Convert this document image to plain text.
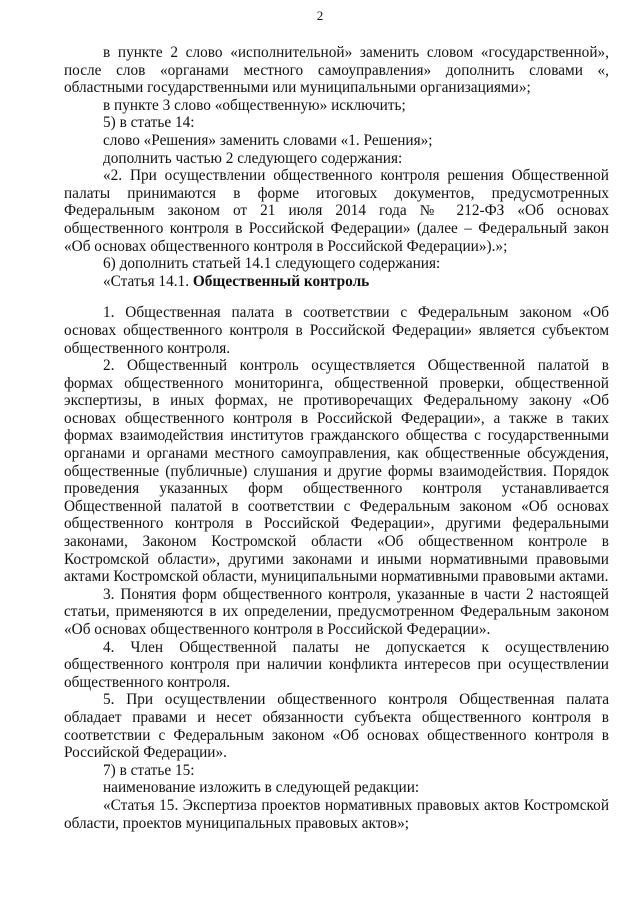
2

в пункте 2 слово «исполнительной» заменить словом «государственной», после слов «органами местного самоуправления» дополнить словами «, областными государственными или муниципальными организациями»;

в пункте 3 слово «общественную» исключить;

5) в статье 14:

слово «Решения» заменить словами «1. Решения»;

дополнить частью 2 следующего содержания:

«2. При осуществлении общественного контроля решения Общественной палаты принимаются в форме итоговых документов, предусмотренных Федеральным законом от 21 июля 2014 года № 212-ФЗ «Об основах общественного контроля в Российской Федерации» (далее – Федеральный закон «Об основах общественного контроля в Российской Федерации»).»;

6) дополнить статьей 14.1 следующего содержания:

«Статья 14.1. Общественный контроль

1. Общественная палата в соответствии с Федеральным законом «Об основах общественного контроля в Российской Федерации» является субъектом общественного контроля.

2. Общественный контроль осуществляется Общественной палатой в формах общественного мониторинга, общественной проверки, общественной экспертизы, в иных формах, не противоречащих Федеральному закону «Об основах общественного контроля в Российской Федерации», а также в таких формах взаимодействия институтов гражданского общества с государственными органами и органами местного самоуправления, как общественные обсуждения, общественные (публичные) слушания и другие формы взаимодействия. Порядок проведения указанных форм общественного контроля устанавливается Общественной палатой в соответствии с Федеральным законом «Об основах общественного контроля в Российской Федерации», другими федеральными законами, Законом Костромской области «Об общественном контроле в Костромской области», другими законами и иными нормативными правовыми актами Костромской области, муниципальными нормативными правовыми актами.

3. Понятия форм общественного контроля, указанные в части 2 настоящей статьи, применяются в их определении, предусмотренном Федеральным законом «Об основах общественного контроля в Российской Федерации».

4. Член Общественной палаты не допускается к осуществлению общественного контроля при наличии конфликта интересов при осуществлении общественного контроля.

5. При осуществлении общественного контроля Общественная палата обладает правами и несет обязанности субъекта общественного контроля в соответствии с Федеральным законом «Об основах общественного контроля в Российской Федерации».

7) в статье 15:

наименование изложить в следующей редакции:

«Статья 15. Экспертиза проектов нормативных правовых актов Костромской области, проектов муниципальных правовых актов»;
